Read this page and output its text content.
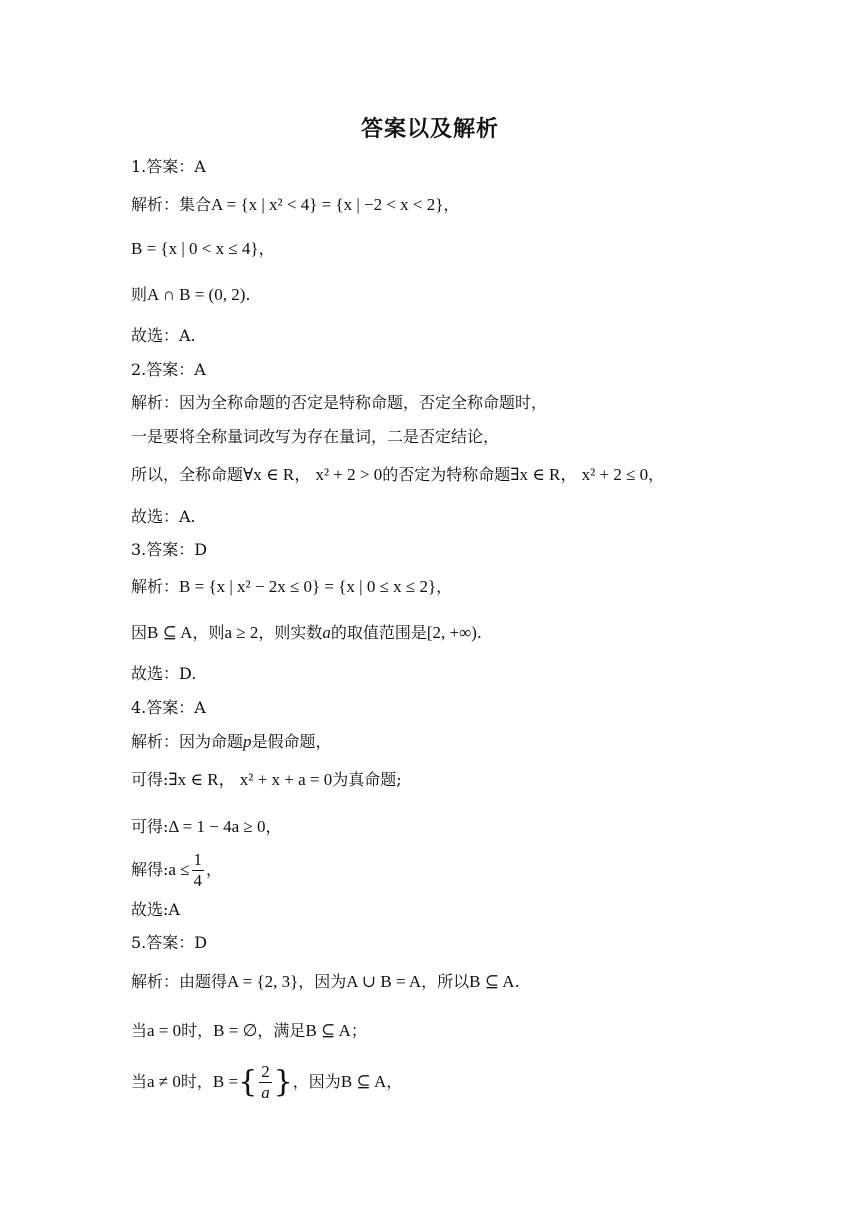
答案以及解析
1.答案：A
解析：集合A = {x | x² < 4} = {x | −2 < x < 2}，
B = {x | 0 < x ≤ 4}，
则A ∩ B = (0, 2).
故选：A.
2.答案：A
解析：因为全称命题的否定是特称命题，否定全称命题时，
一是要将全称量词改写为存在量词，二是否定结论，
所以，全称命题∀x ∈ R， x² + 2 > 0的否定为特称命题∃x ∈ R， x² + 2 ≤ 0，
故选：A.
3.答案：D
解析：B = {x | x² − 2x ≤ 0} = {x | 0 ≤ x ≤ 2}，
因B ⊆ A，则a ≥ 2，则实数a的取值范围是[2, +∞).
故选：D.
4.答案：A
解析：因为命题p是假命题，
可得:∃x ∈ R， x² + x + a = 0为真命题;
可得:Δ = 1 − 4a ≥ 0，
解得:a ≤ $\frac{1}{4}$ ，
故选:A
5.答案：D
解析：由题得A = {2, 3}，因为A ∪ B = A，所以B ⊆ A.
当a = 0时，B = ∅，满足B ⊆ A；
当a ≠ 0时，B ={ $\frac{2}{a}$ }，因为B ⊆ A，
